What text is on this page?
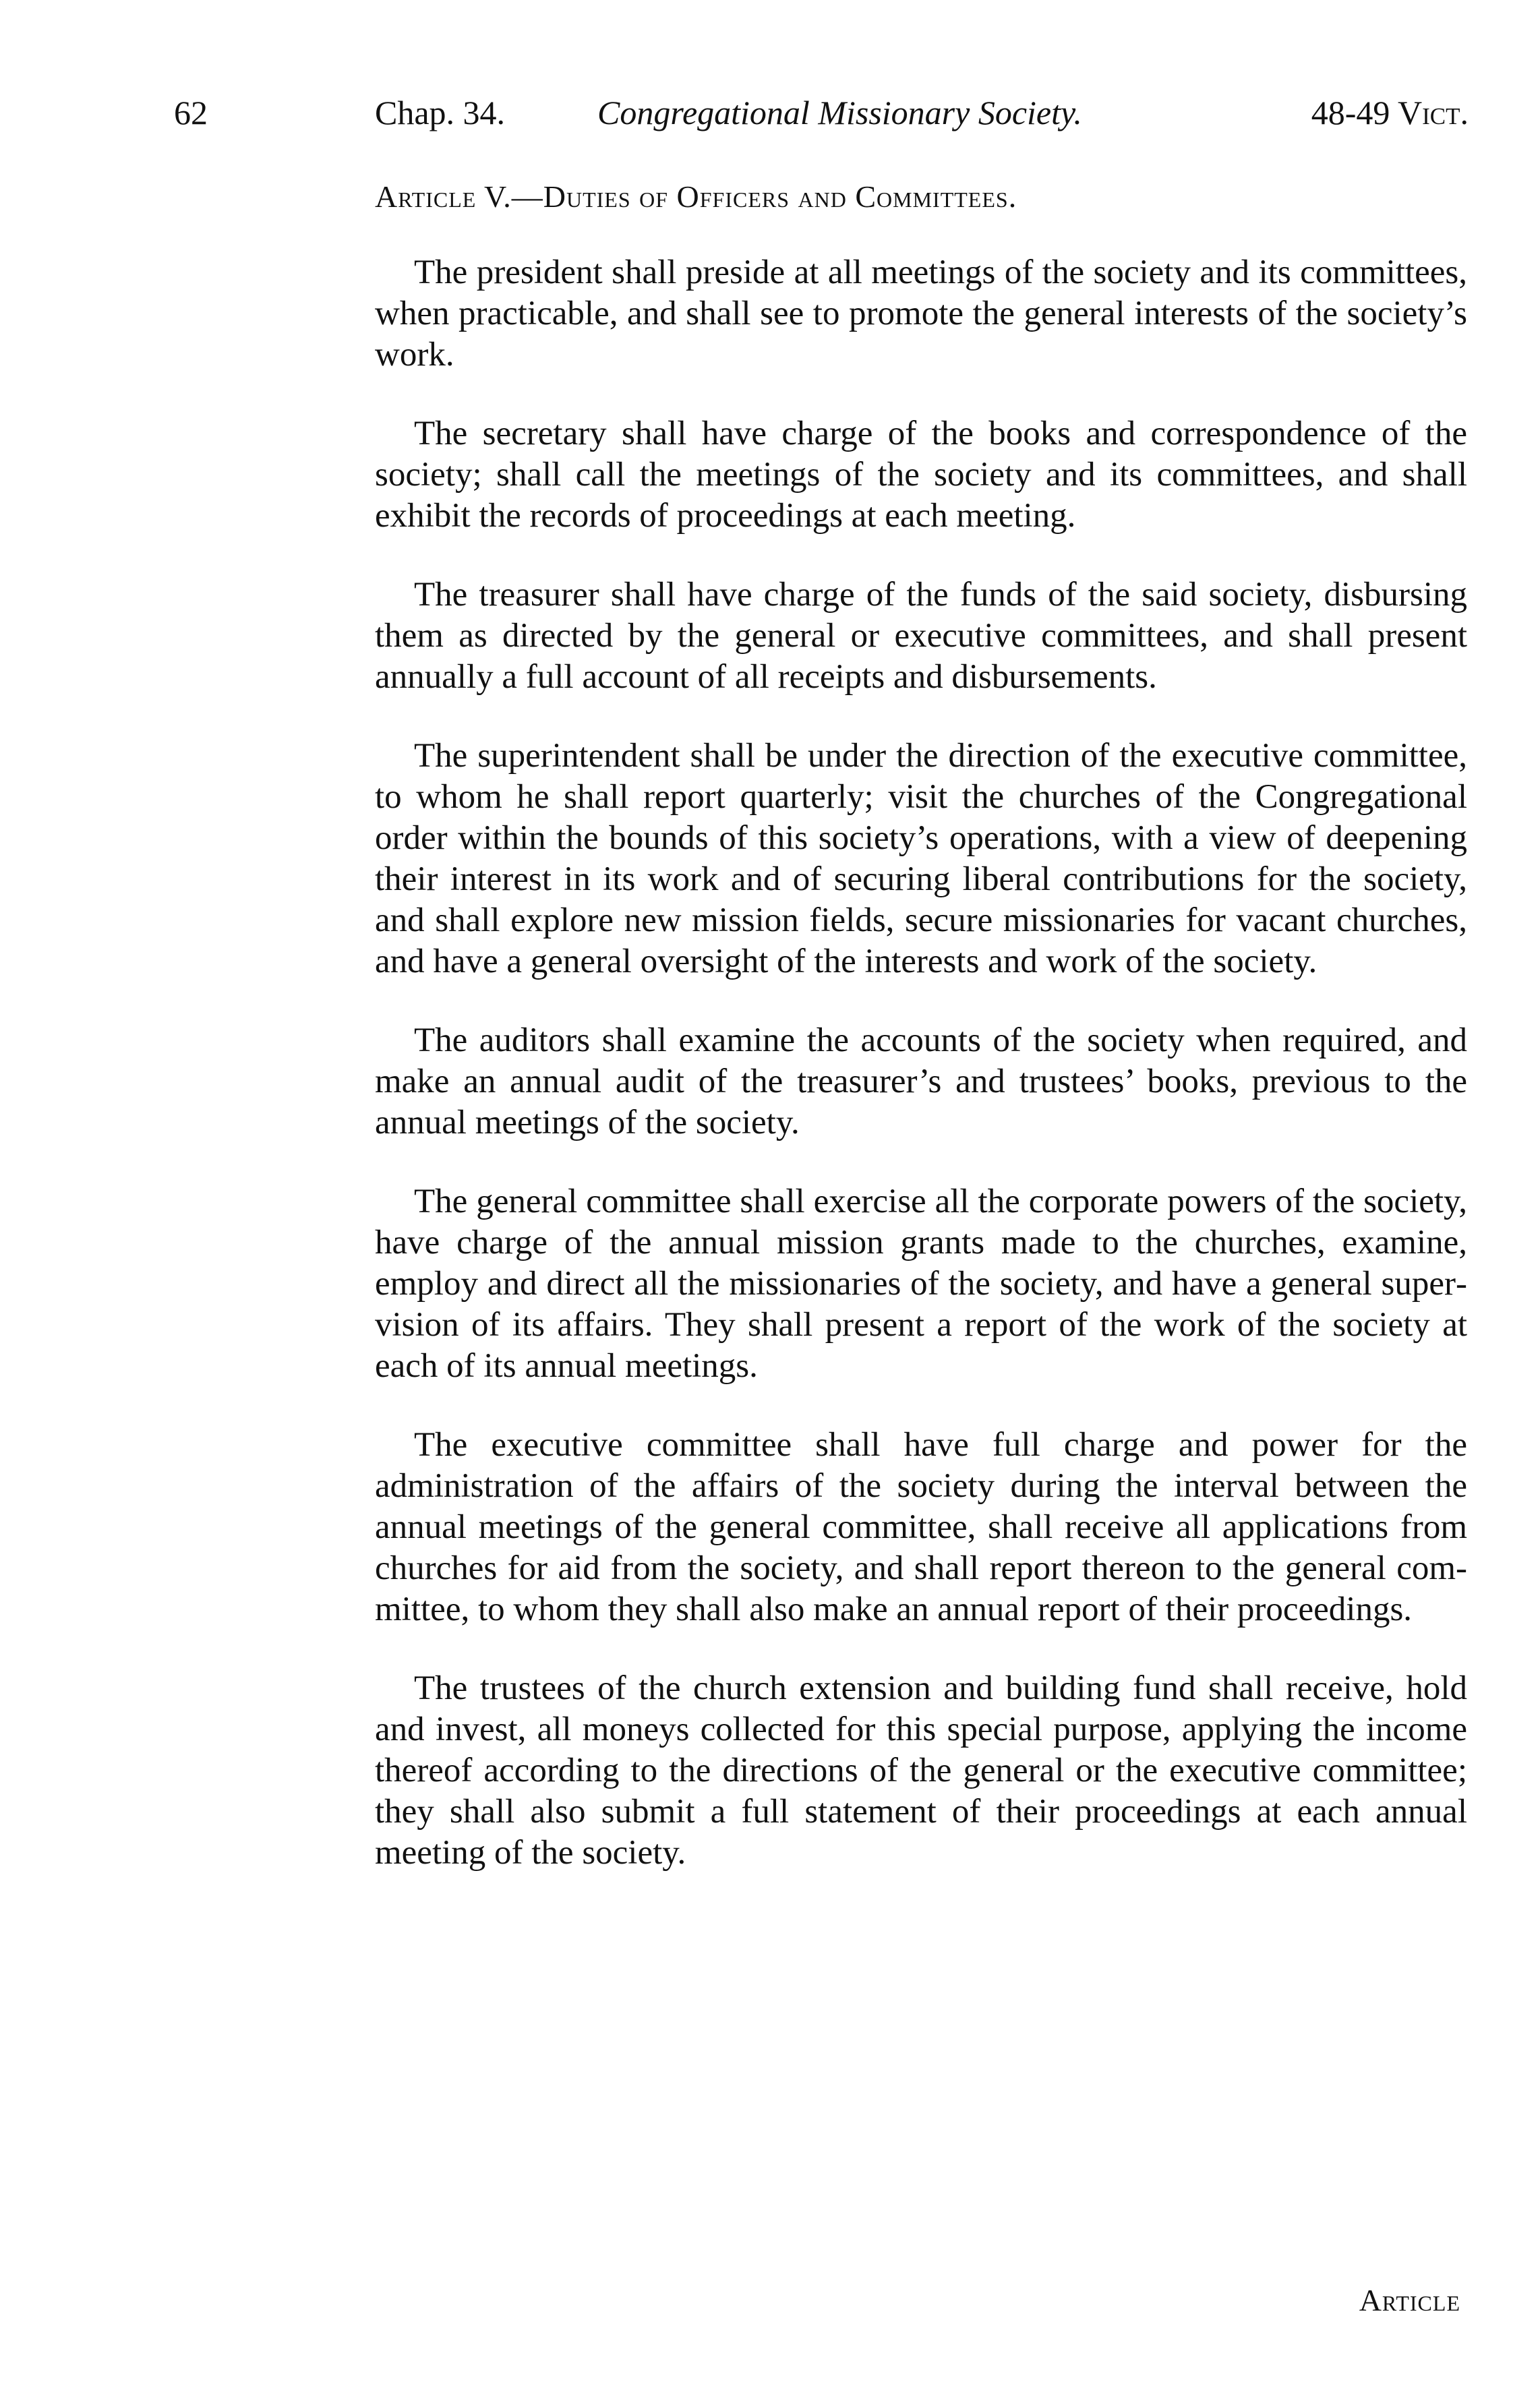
62	Chap. 34.	Congregational Missionary Society.	48-49 Vict.
Article V.—Duties of Officers and Committees.

The president shall preside at all meetings of the society and its committees, when practicable, and shall see to promote the general interests of the society’s work.

The secretary shall have charge of the books and correspondence of the society; shall call the meetings of the society and its committees, and shall exhibit the records of proceedings at each meeting.

The treasurer shall have charge of the funds of the said society, disbursing them as directed by the general or executive committees, and shall present annually a full account of all receipts and disbursements.

The superintendent shall be under the direction of the executive committee, to whom he shall report quarterly; visit the churches of the Congregational order within the bounds of this society’s operations, with a view of deepening their interest in its work and of securing liberal contributions for the society, and shall explore new mission fields, secure missionaries for vacant churches, and have a general oversight of the interests and work of the society.

The auditors shall examine the accounts of the society when required, and make an annual audit of the treasurer’s and trustees’ books, previous to the annual meetings of the society.

The general committee shall exercise all the corporate powers of the society, have charge of the annual mission grants made to the churches, examine, employ and direct all the missionaries of the society, and have a general supervision of its affairs. They shall present a report of the work of the society at each of its annual meetings.

The executive committee shall have full charge and power for the administration of the affairs of the society during the interval between the annual meetings of the general committee, shall receive all applications from churches for aid from the society, and shall report thereon to the general committee, to whom they shall also make an annual report of their proceedings.

The trustees of the church extension and building fund shall receive, hold and invest, all moneys collected for this special purpose, applying the income thereof according to the directions of the general or the executive committee; they shall also submit a full statement of their proceedings at each annual meeting of the society.

Article
